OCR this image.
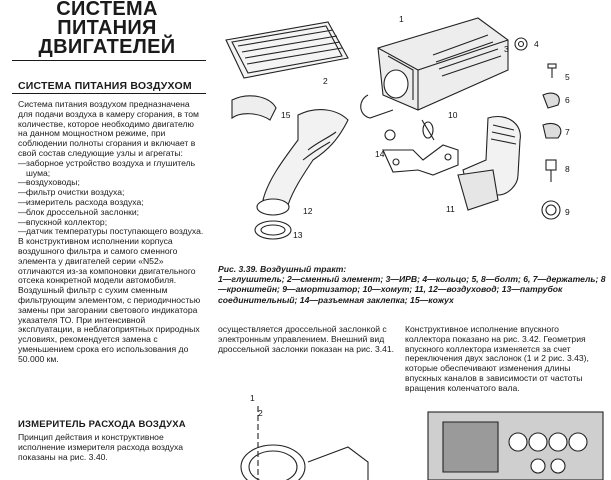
СИСТЕМА
ПИТАНИЯ
ДВИГАТЕЛЕЙ
СИСТЕМА ПИТАНИЯ ВОЗДУХОМ

Система питания воздухом предназначена для подачи воздуха в камеру сгорания, в том количестве, которое необходимо двигателю на данном мощностном режиме, при соблюдении полноты сгорания и включает в свой состав следующие узлы и агрегаты:

— заборное устройство воздуха и глушитель шума;
— воздуховоды;
— фильтр очистки воздуха;
— измеритель расхода воздуха;
— блок дроссельной заслонки;
— впускной коллектор;
— датчик температуры поступающего воздуха.

В конструктивном исполнении корпуса воздушного фильтра и самого сменного элемента у двигателей серии «N52» отличаются из-за компоновки двигательного отсека конкретной модели автомобиля.

Воздушный фильтр с сухим сменным фильтрующим элементом, с периодичностью замены при загорании светового индикатора указателя ТО. При интенсивной эксплуатации, в неблагоприятных природных условиях, рекомендуется замена с уменьшением срока его использования до 50.000 км.

ИЗМЕРИТЕЛЬ РАСХОДА ВОЗДУХА
Принцип действия и конструктивное исполнение измерителя расхода воздуха показаны на рис. 3.40.
2
1
3	4
5
6
7
8
9
10
11
12
13
14
15
Рис. 3.39. Воздушный тракт:
1—глушитель; 2—сменный элемент; 3—ИРВ; 4—кольцо; 5, 8—болт; 6, 7—держатель; 8—кронштейн; 9—амортизатор; 10—хомут; 11, 12—воздуховод; 13—патрубок соединительный; 14—разъемная заклепка; 15—кожух
осуществляется дроссельной заслонкой с электронным управлением. Внешний вид дроссельной заслонки показан на рис. 3.41.
Конструктивное исполнение впускного коллектора показано на рис. 3.42. Геометрия впускного коллектора изменяется за счет переключения двух заслонок (1 и 2 рис. 3.43), которые обеспечивают изменения длины впускных каналов в зависимости от частоты вращения коленчатого вала.
1
2
